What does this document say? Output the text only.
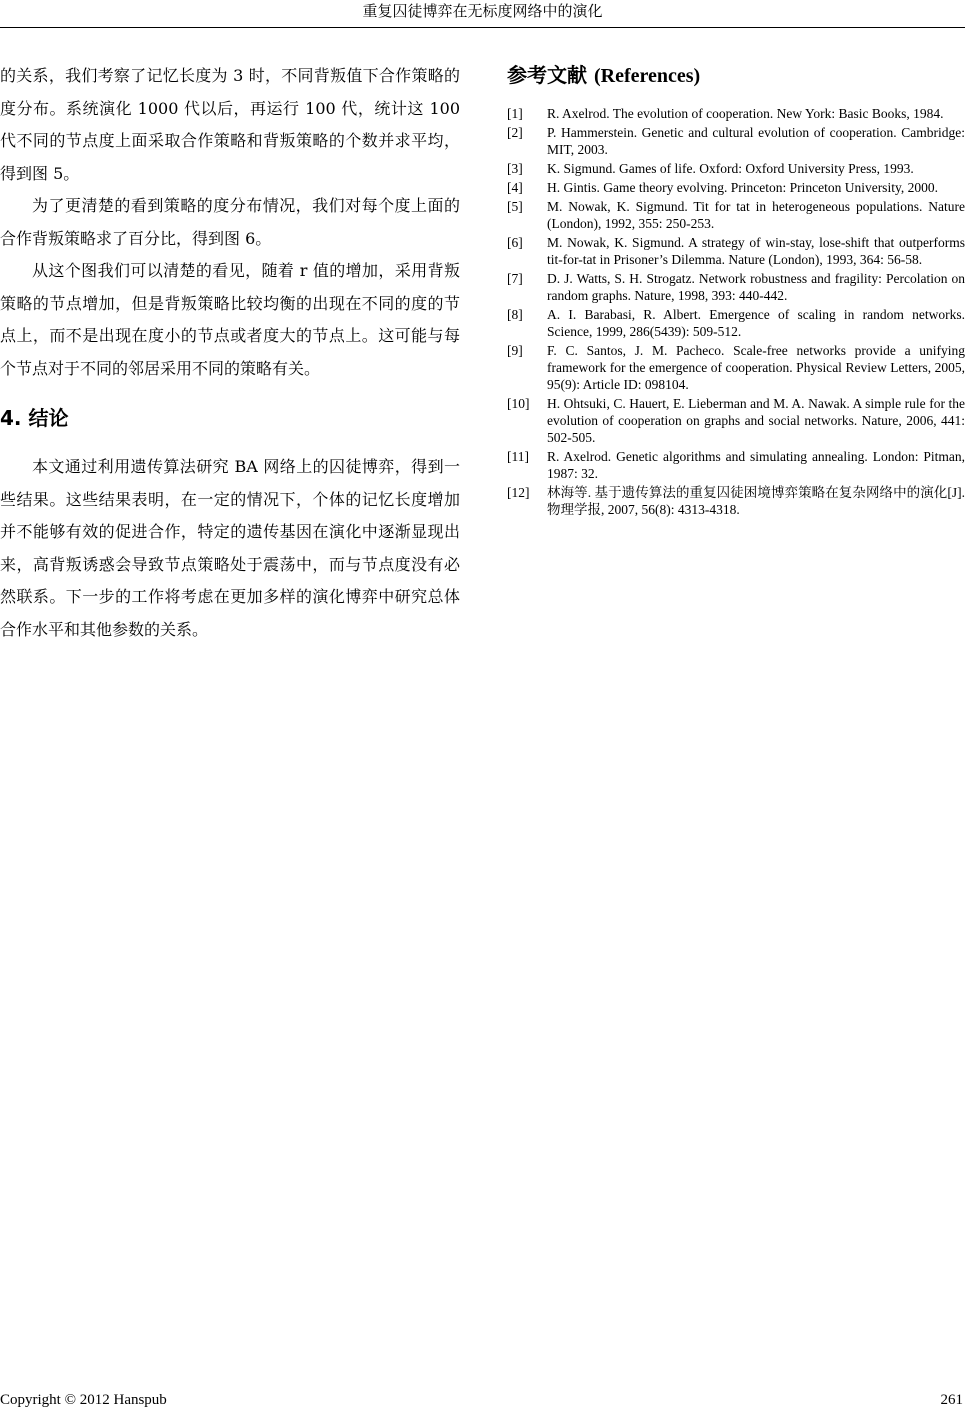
重复囚徒博弈在无标度网络中的演化

的关系，我们考察了记忆长度为 3 时，不同背叛值下合作策略的度分布。系统演化 1000 代以后，再运行 100 代，统计这 100 代不同的节点度上面采取合作策略和背叛策略的个数并求平均，得到图 5。

为了更清楚的看到策略的度分布情况，我们对每个度上面的合作背叛策略求了百分比，得到图 6。

从这个图我们可以清楚的看见，随着 r 值的增加，采用背叛策略的节点增加，但是背叛策略比较均衡的出现在不同的度的节点上，而不是出现在度小的节点或者度大的节点上。这可能与每个节点对于不同的邻居采用不同的策略有关。

4. 结论

本文通过利用遗传算法研究 BA 网络上的囚徒博弈，得到一些结果。这些结果表明，在一定的情况下，个体的记忆长度增加并不能够有效的促进合作，特定的遗传基因在演化中逐渐显现出来，高背叛诱惑会导致节点策略处于震荡中，而与节点度没有必然联系。下一步的工作将考虑在更加多样的演化博弈中研究总体合作水平和其他参数的关系。

参考文献 (References)
[1]	R. Axelrod. The evolution of cooperation. New York: Basic Books, 1984.
[2]	P. Hammerstein. Genetic and cultural evolution of cooperation. Cambridge: MIT, 2003.
[3]	K. Sigmund. Games of life. Oxford: Oxford University Press, 1993.
[4]	H. Gintis. Game theory evolving. Princeton: Princeton University, 2000.
[5]	M. Nowak, K. Sigmund. Tit for tat in heterogeneous populations. Nature (London), 1992, 355: 250-253.
[6]	M. Nowak, K. Sigmund. A strategy of win-stay, lose-shift that outperforms tit-for-tat in Prisoner’s Dilemma. Nature (London), 1993, 364: 56-58.
[7]	D. J. Watts, S. H. Strogatz. Network robustness and fragility: Percolation on random graphs. Nature, 1998, 393: 440-442.
[8]	A. I. Barabasi, R. Albert. Emergence of scaling in random networks. Science, 1999, 286(5439): 509-512.
[9]	F. C. Santos, J. M. Pacheco. Scale-free networks provide a unifying framework for the emergence of cooperation. Physical Review Letters, 2005, 95(9): Article ID: 098104.
[10]	H. Ohtsuki, C. Hauert, E. Lieberman and M. A. Nawak. A simple rule for the evolution of cooperation on graphs and social networks. Nature, 2006, 441: 502-505.
[11]	R. Axelrod. Genetic algorithms and simulating annealing. London: Pitman, 1987: 32.
[12]	林海等. 基于遗传算法的重复囚徒困境博弈策略在复杂网络中的演化[J]. 物理学报, 2007, 56(8): 4313-4318.
Copyright © 2012 Hanspub	261
